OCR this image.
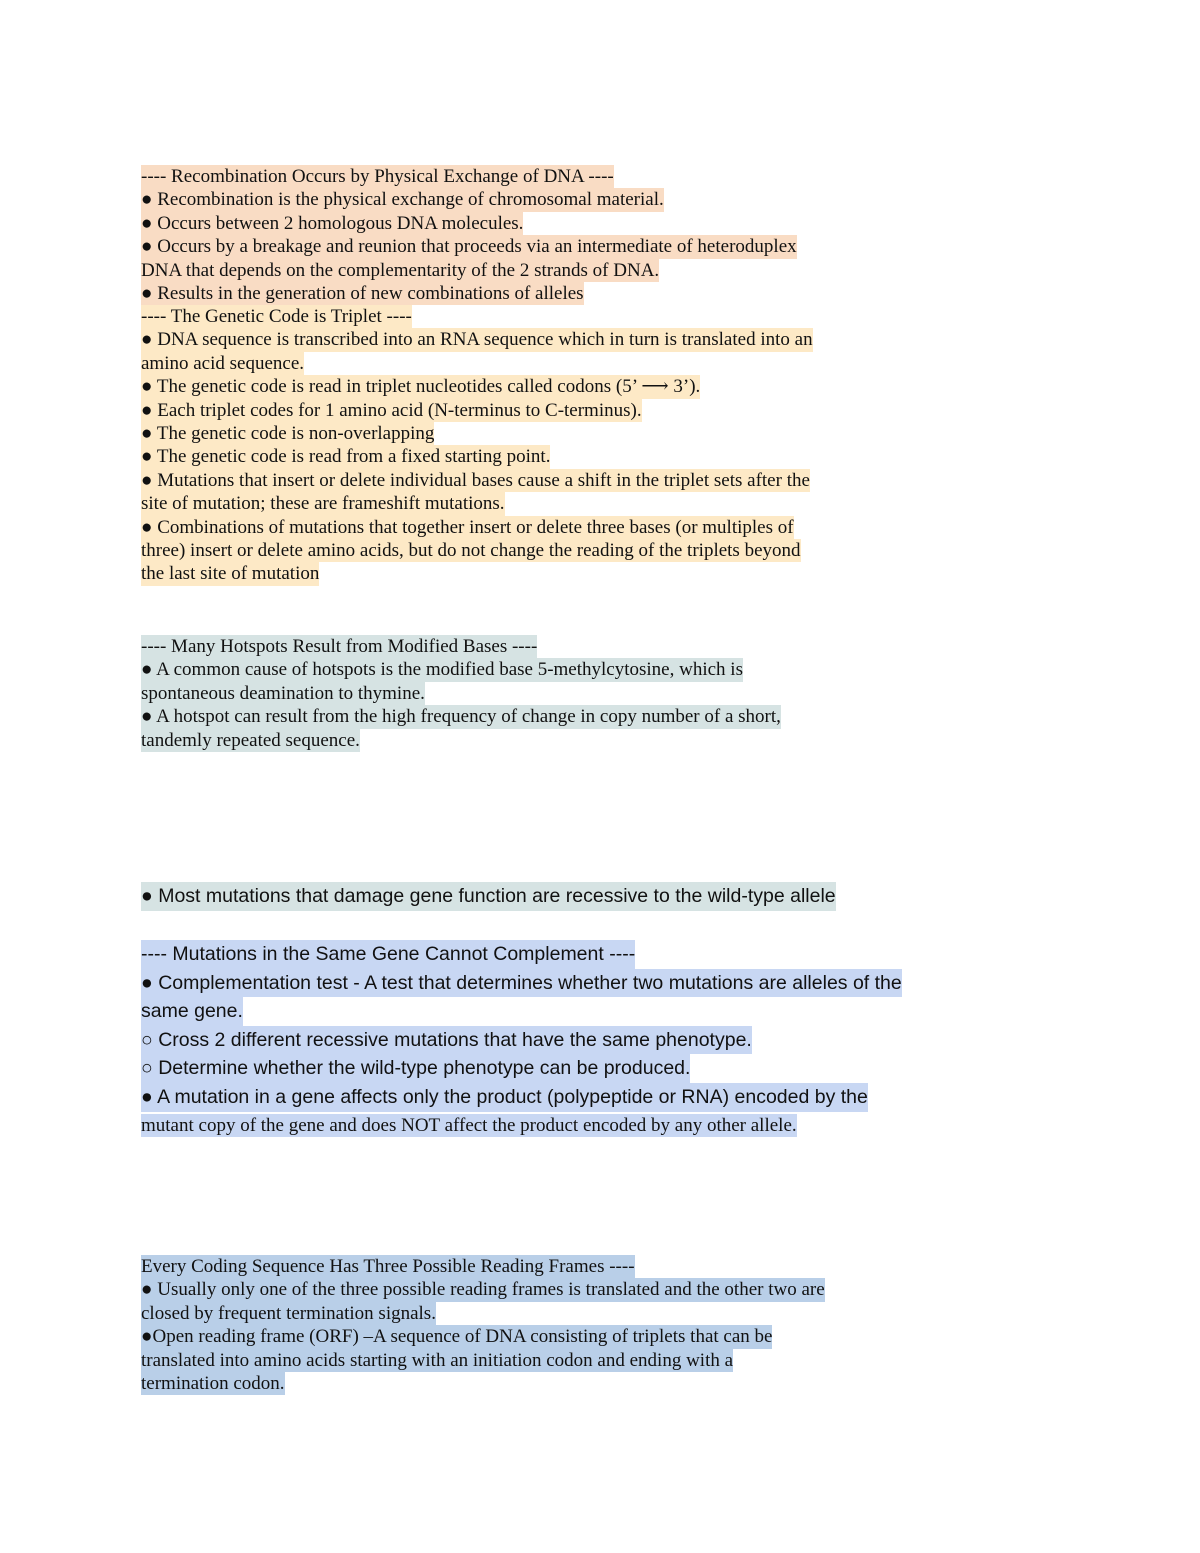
---- Recombination Occurs by Physical Exchange of DNA ----
● Recombination is the physical exchange of chromosomal material.
● Occurs between 2 homologous DNA molecules.
● Occurs by a breakage and reunion that proceeds via an intermediate of heteroduplex
DNA that depends on the complementarity of the 2 strands of DNA.
● Results in the generation of new combinations of alleles
---- The Genetic Code is Triplet ----
● DNA sequence is transcribed into an RNA sequence which in turn is translated into an
amino acid sequence.
● The genetic code is read in triplet nucleotides called codons (5’ ⟶ 3’).
● Each triplet codes for 1 amino acid (N-terminus to C-terminus).
● The genetic code is non-overlapping
● The genetic code is read from a fixed starting point.
● Mutations that insert or delete individual bases cause a shift in the triplet sets after the
site of mutation; these are frameshift mutations.
● Combinations of mutations that together insert or delete three bases (or multiples of
three) insert or delete amino acids, but do not change the reading of the triplets beyond
the last site of mutation
---- Many Hotspots Result from Modified Bases ----
● A common cause of hotspots is the modified base 5-methylcytosine, which is
spontaneous deamination to thymine.
● A hotspot can result from the high frequency of change in copy number of a short,
tandemly repeated sequence.
● Most mutations that damage gene function are recessive to the wild-type allele
---- Mutations in the Same Gene Cannot Complement ----
● Complementation test - A test that determines whether two mutations are alleles of the
same gene.
○ Cross 2 different recessive mutations that have the same phenotype.
○ Determine whether the wild-type phenotype can be produced.
● A mutation in a gene affects only the product (polypeptide or RNA) encoded by the
mutant copy of the gene and does NOT affect the product encoded by any other allele.
Every Coding Sequence Has Three Possible Reading Frames ----
● Usually only one of the three possible reading frames is translated and the other two are
closed by frequent termination signals.
●Open reading frame (ORF) –A sequence of DNA consisting of triplets that can be
translated into amino acids starting with an initiation codon and ending with a
termination codon.
